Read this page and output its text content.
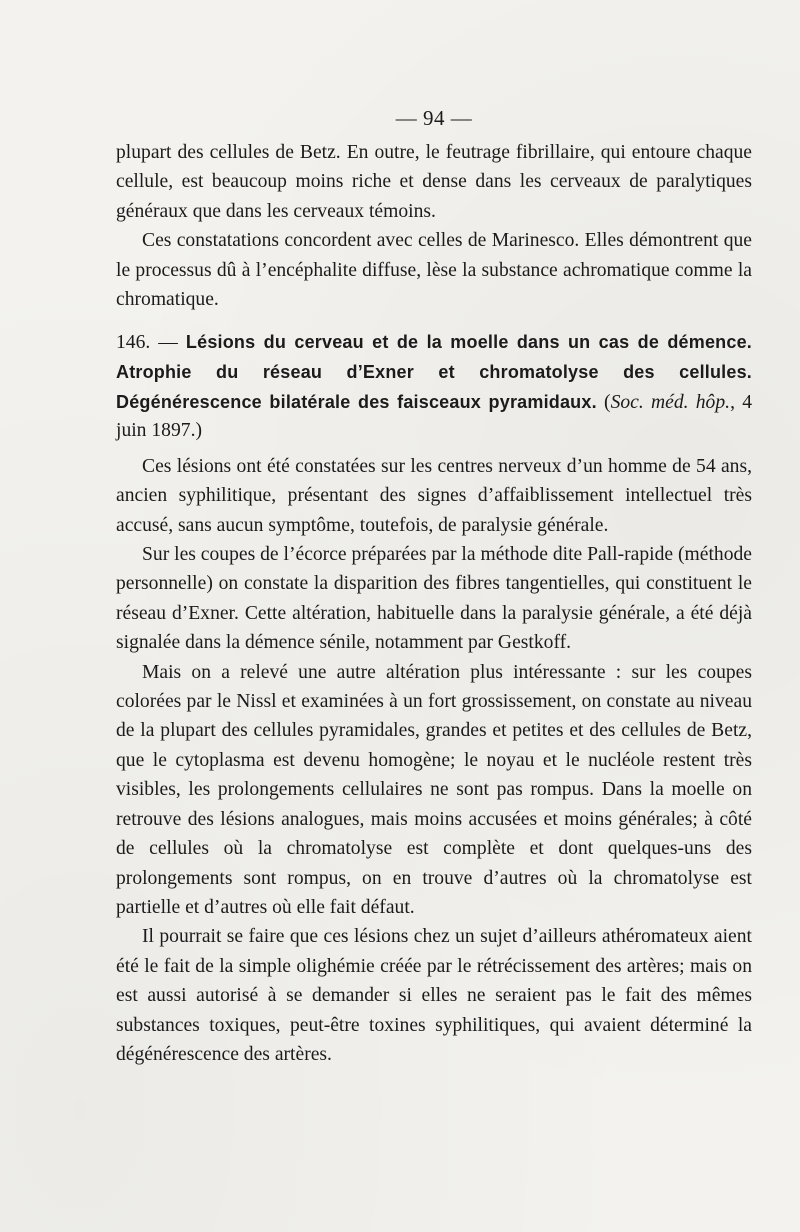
— 94 —

plupart des cellules de Betz. En outre, le feutrage fibrillaire, qui entoure chaque cellule, est beaucoup moins riche et dense dans les cerveaux de paralytiques généraux que dans les cerveaux témoins.

Ces constatations concordent avec celles de Marinesco. Elles démontrent que le processus dû à l’encéphalite diffuse, lèse la substance achromatique comme la chromatique.

146. — Lésions du cerveau et de la moelle dans un cas de démence. Atrophie du réseau d’Exner et chromatolyse des cellules. Dégénérescence bilatérale des faisceaux pyramidaux. (Soc. méd. hôp., 4 juin 1897.)

Ces lésions ont été constatées sur les centres nerveux d’un homme de 54 ans, ancien syphilitique, présentant des signes d’affaiblissement intellectuel très accusé, sans aucun symptôme, toutefois, de paralysie générale.

Sur les coupes de l’écorce préparées par la méthode dite Pall-rapide (méthode personnelle) on constate la disparition des fibres tangentielles, qui constituent le réseau d’Exner. Cette altération, habituelle dans la paralysie générale, a été déjà signalée dans la démence sénile, notamment par Gestkoff.

Mais on a relevé une autre altération plus intéressante : sur les coupes colorées par le Nissl et examinées à un fort grossissement, on constate au niveau de la plupart des cellules pyramidales, grandes et petites et des cellules de Betz, que le cytoplasma est devenu homogène; le noyau et le nucléole restent très visibles, les prolongements cellulaires ne sont pas rompus. Dans la moelle on retrouve des lésions analogues, mais moins accusées et moins générales; à côté de cellules où la chromatolyse est complète et dont quelques-uns des prolongements sont rompus, on en trouve d’autres où la chromatolyse est partielle et d’autres où elle fait défaut.

Il pourrait se faire que ces lésions chez un sujet d’ailleurs athéromateux aient été le fait de la simple olighémie créée par le rétrécissement des artères; mais on est aussi autorisé à se demander si elles ne seraient pas le fait des mêmes substances toxiques, peut-être toxines syphilitiques, qui avaient déterminé la dégénérescence des artères.
